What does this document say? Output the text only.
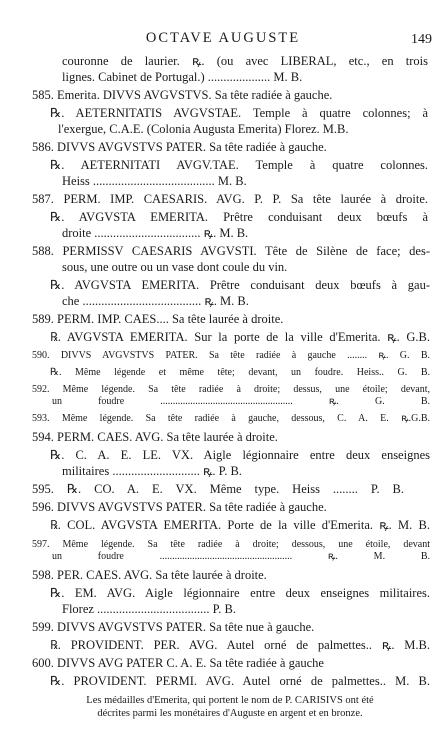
OCTAVE AUGUSTE	149
couronne de laurier. ꝶ. (ou avec LIBERAL, etc., en trois
lignes. Cabinet de Portugal.) .................... M. B.
585. Emerita. DIVVS AVGVSTVS. Sa tête radiée à gauche.
℞. AETERNITATIS AVGVSTAE. Temple à quatre colonnes; à
l'exergue, C.A.E. (Colonia Augusta Emerita) Florez. M.B.
586. DIVVS AVGVSTVS PATER. Sa tête radiée à gauche.
℞. AETERNITATI AVGV.TAE. Temple à quatre colonnes.
Heiss ....................................... M. B.
587. PERM. IMP. CAESARIS. AVG. P. P. Sa tête laurée à droite.
℞. AVGVSTA EMERITA. Prêtre conduisant deux bœufs à
droite .................................. ꝶ. M. B.
588. PERMISSV CAESARIS AVGVSTI. Tête de Silène de face; des-
sous, une outre ou un vase dont coule du vin.
℞. AVGVSTA EMERITA. Prêtre conduisant deux bœufs à gau-
che ...................................... ꝶ. M. B.
589. PERM. IMP. CAES.... Sa tête laurée à droite.
℞. AVGVSTA EMERITA. Sur la porte de la ville d'Emerita. ꝶ. G.B.
590. DIVVS AVGVSTVS PATER. Sa tête radiée à gauche ........ ꝶ. G. B.
℞. Même légende et même tête; devant, un foudre. Heiss.. G. B.
592. Même légende. Sa tête radiée à droite; dessus, une étoile; devant,
un foudre ..................................................... ꝶ. G. B.
593. Même légende. Sa tête radiée à gauche, dessous, C. A. E. ꝶ.G.B.
594. PERM. CAES. AVG. Sa tête laurée à droite.
℞. C. A. E. LE. VX. Aigle légionnaire entre deux enseignes
militaires ............................ ꝶ. P. B.
595. ℞. CO. A. E. VX. Même type. Heiss ........ P. B.
596. DIVVS AVGVSTVS PATER. Sa tête radiée à gauche.
℞. COL. AVGVSTA EMERITA. Porte de la ville d'Emerita. ꝶ. M. B.
597. Même légende. Sa tête radiée à droite; dessous, une étoile, devant
un foudre ..................................................... ꝶ. M. B.
598. PER. CAES. AVG. Sa tête laurée à droite.
℞. EM. AVG. Aigle légionnaire entre deux enseignes militaires.
Florez .................................... P. B.
599. DIVVS AVGVSTVS PATER. Sa tête nue à gauche.
℞. PROVIDENT. PER. AVG. Autel orné de palmettes.. ꝶ. M.B.
600. DIVVS AVG PATER C. A. E. Sa tête radiée à gauche
℞. PROVIDENT. PERMI. AVG. Autel orné de palmettes.. M. B.
Les médailles d'Emerita, qui portent le nom de P. CARISIVS ont été
décrites parmi les monétaires d'Auguste en argent et en bronze.
